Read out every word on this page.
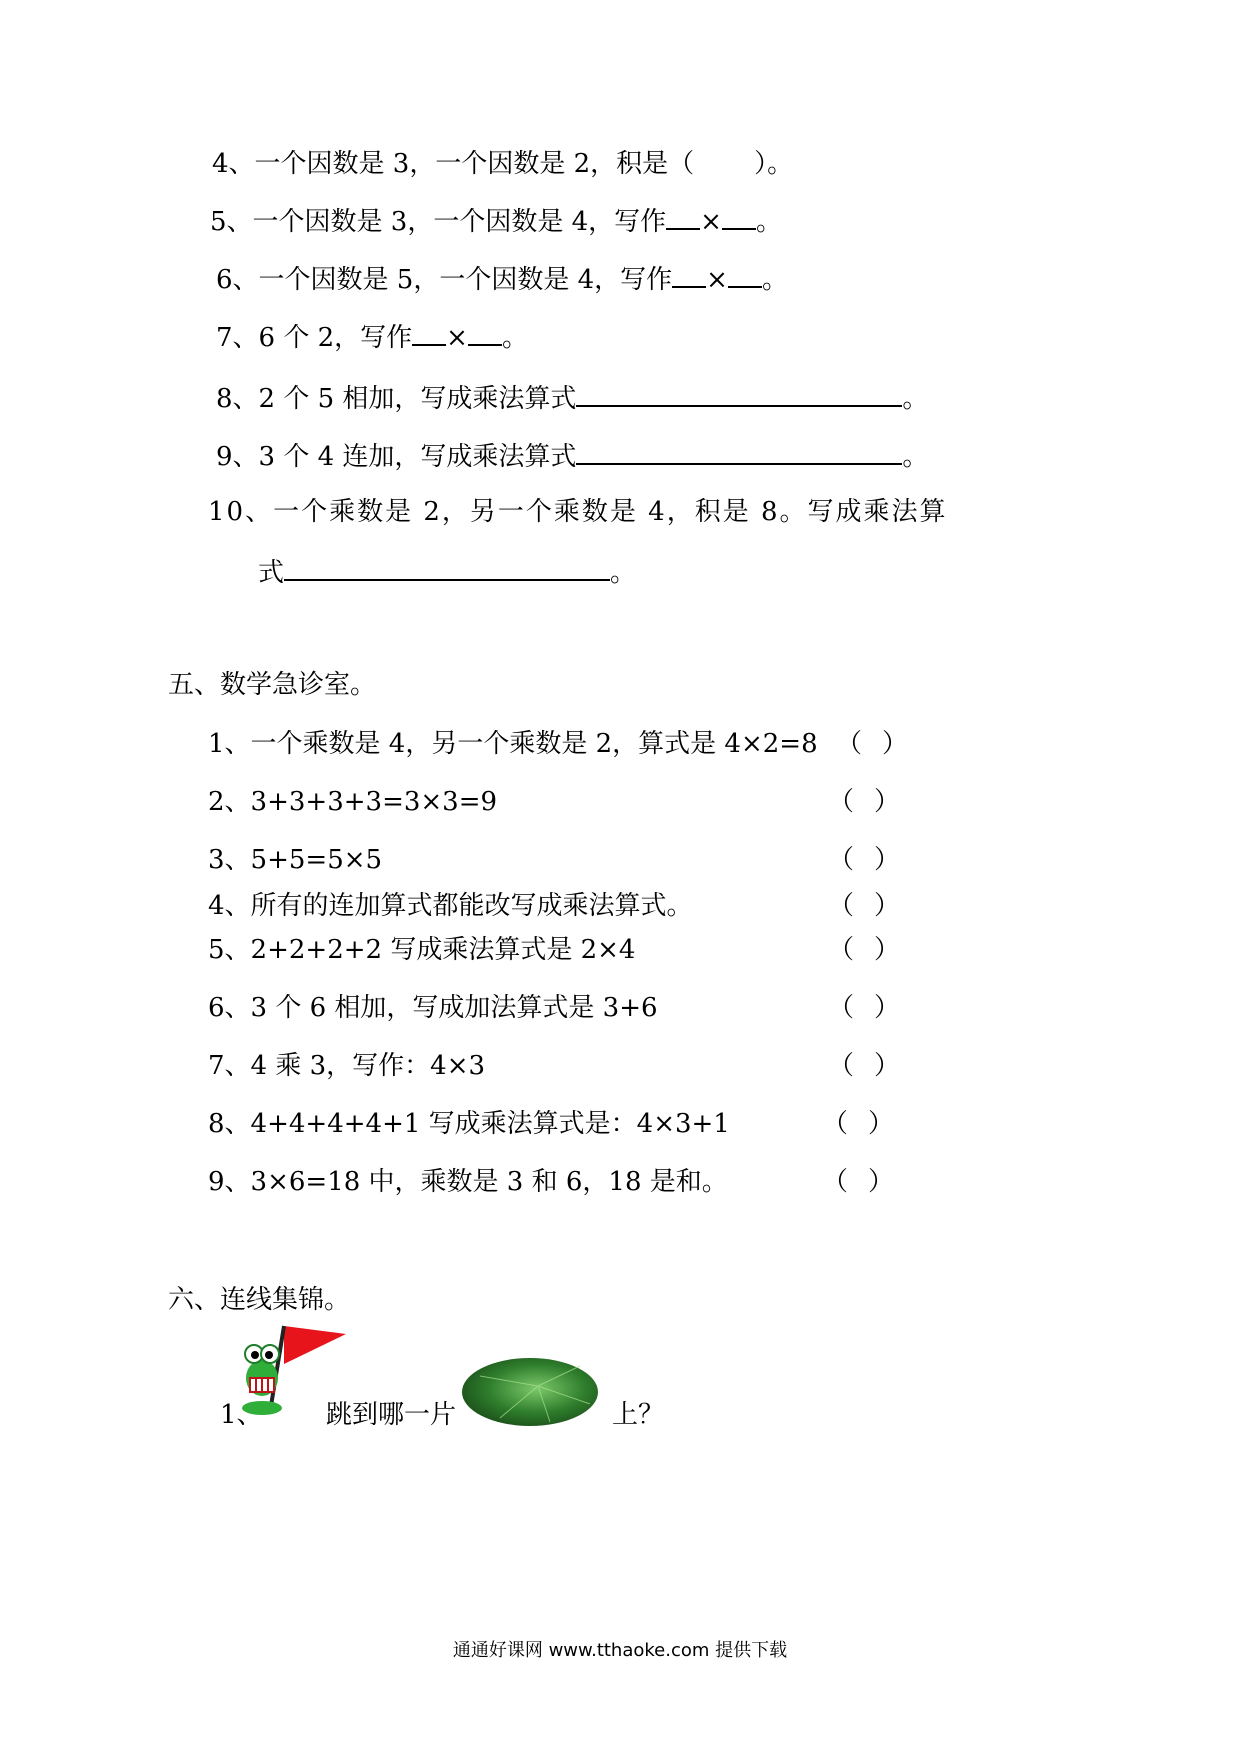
4、一个因数是 3，一个因数是 2，积是（ ）。
5、一个因数是 3，一个因数是 4，写作 × 。
6、一个因数是 5，一个因数是 4，写作 × 。
7、6 个 2，写作 × 。
8、2 个 5 相加，写成乘法算式	。
9、3 个 4 连加，写成乘法算式	。
10、一个乘数是 2，另一个乘数是 4，积是 8。写成乘法算
式	。
五、数学急诊室。
1、一个乘数是 4，另一个乘数是 2，算式是 4×2=8 （ ）
2、3+3+3+3=3×3=9	（ ）
3、5+5=5×5	（ ）
4、所有的连加算式都能改写成乘法算式。	（ ）
5、2+2+2+2 写成乘法算式是 2×4	（ ）
6、3 个 6 相加，写成加法算式是 3+6	（ ）
7、4 乘 3，写作：4×3	（ ）
8、4+4+4+4+1 写成乘法算式是：4×3+1	（ ）
9、3×6=18 中，乘数是 3 和 6，18 是和。	（ ）
六、连线集锦。
1、 跳到哪一片	上？
通通好课网 www.tthaoke.com 提供下载
